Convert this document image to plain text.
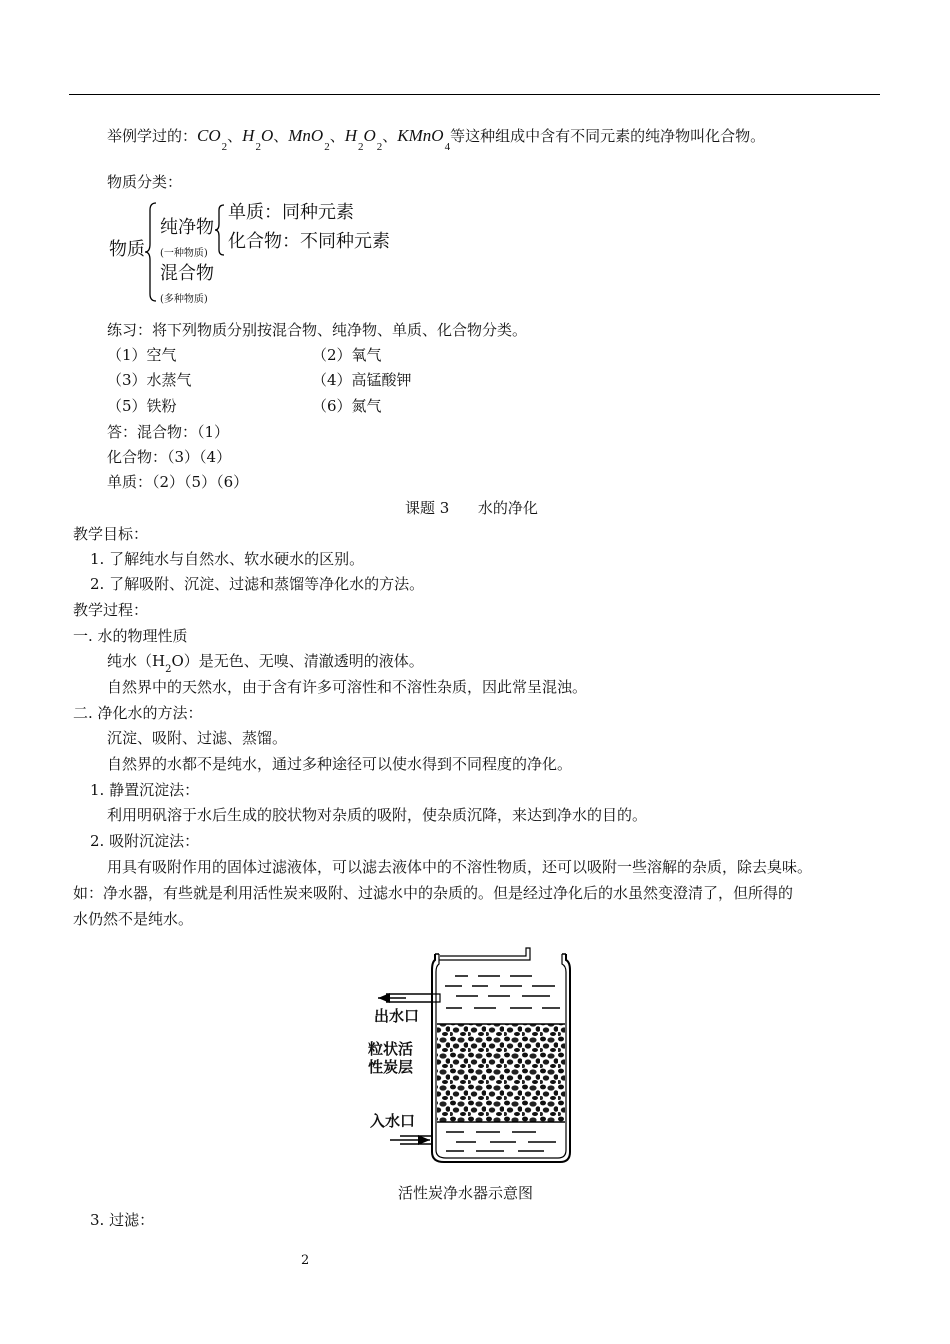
举例学过的：$CO_2$、$H_2O$、MnO$_2$、$H_2O_2$、KMnO$_4$等这种组成中含有不同元素的纯净物叫化合物。
物质分类：
物质
纯净物
(一种物质)
混合物
(多种物质)
单质：同种元素
化合物：不同种元素
练习：将下列物质分别按混合物、纯净物、单质、化合物分类。
（1）空气	（2）氧气
（3）水蒸气	（4）高锰酸钾
（5）铁粉	（6）氮气
答：混合物：（1）
化合物：（3）（4）
单质：（2）（5）（6）
课题 3      水的净化
教学目标：
1. 了解纯水与自然水、软水硬水的区别。
2. 了解吸附、沉淀、过滤和蒸馏等净化水的方法。
教学过程：
一. 水的物理性质
纯水$(H_2O)$是无色、无嗅、清澈透明的液体。
自然界中的天然水，由于含有许多可溶性和不溶性杂质，因此常呈混浊。
二. 净化水的方法：
沉淀、吸附、过滤、蒸馏。
自然界的水都不是纯水，通过多种途径可以使水得到不同程度的净化。
1. 静置沉淀法：
利用明矾溶于水后生成的胶状物对杂质的吸附，使杂质沉降，来达到净水的目的。
2. 吸附沉淀法：
用具有吸附作用的固体过滤液体，可以滤去液体中的不溶性物质，还可以吸附一些溶解的杂质，除去臭味。
如：净水器，有些就是利用活性炭来吸附、过滤水中的杂质的。但是经过净化后的水虽然变澄清了，但所得的
水仍然不是纯水。
出水口
粒状活
性炭层
入水口
活性炭净水器示意图
3. 过滤：
2
